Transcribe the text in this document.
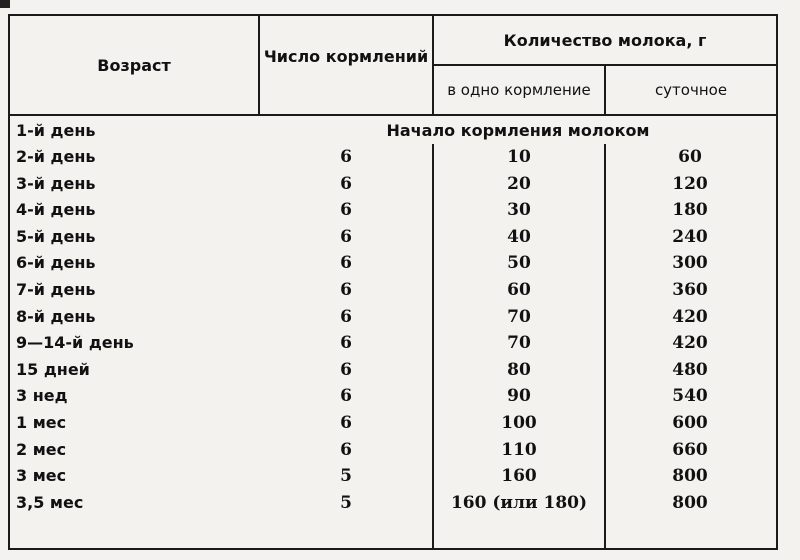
Возраст	Число кормлений
Количество молока, г
в одно кормление	суточное
1-й день	Начало кормления молоком
2-й день	6	10	60
3-й день	6	20	120
4-й день	6	30	180
5-й день	6	40	240
6-й день	6	50	300
7-й день	6	60	360
8-й день	6	70	420
9—14-й день	6	70	420
15 дней	6	80	480
3 нед	6	90	540
1 мес	6	100	600
2 мес	6	110	660
3 мес	5	160	800
3,5 мес	5	160 (или 180)	800
